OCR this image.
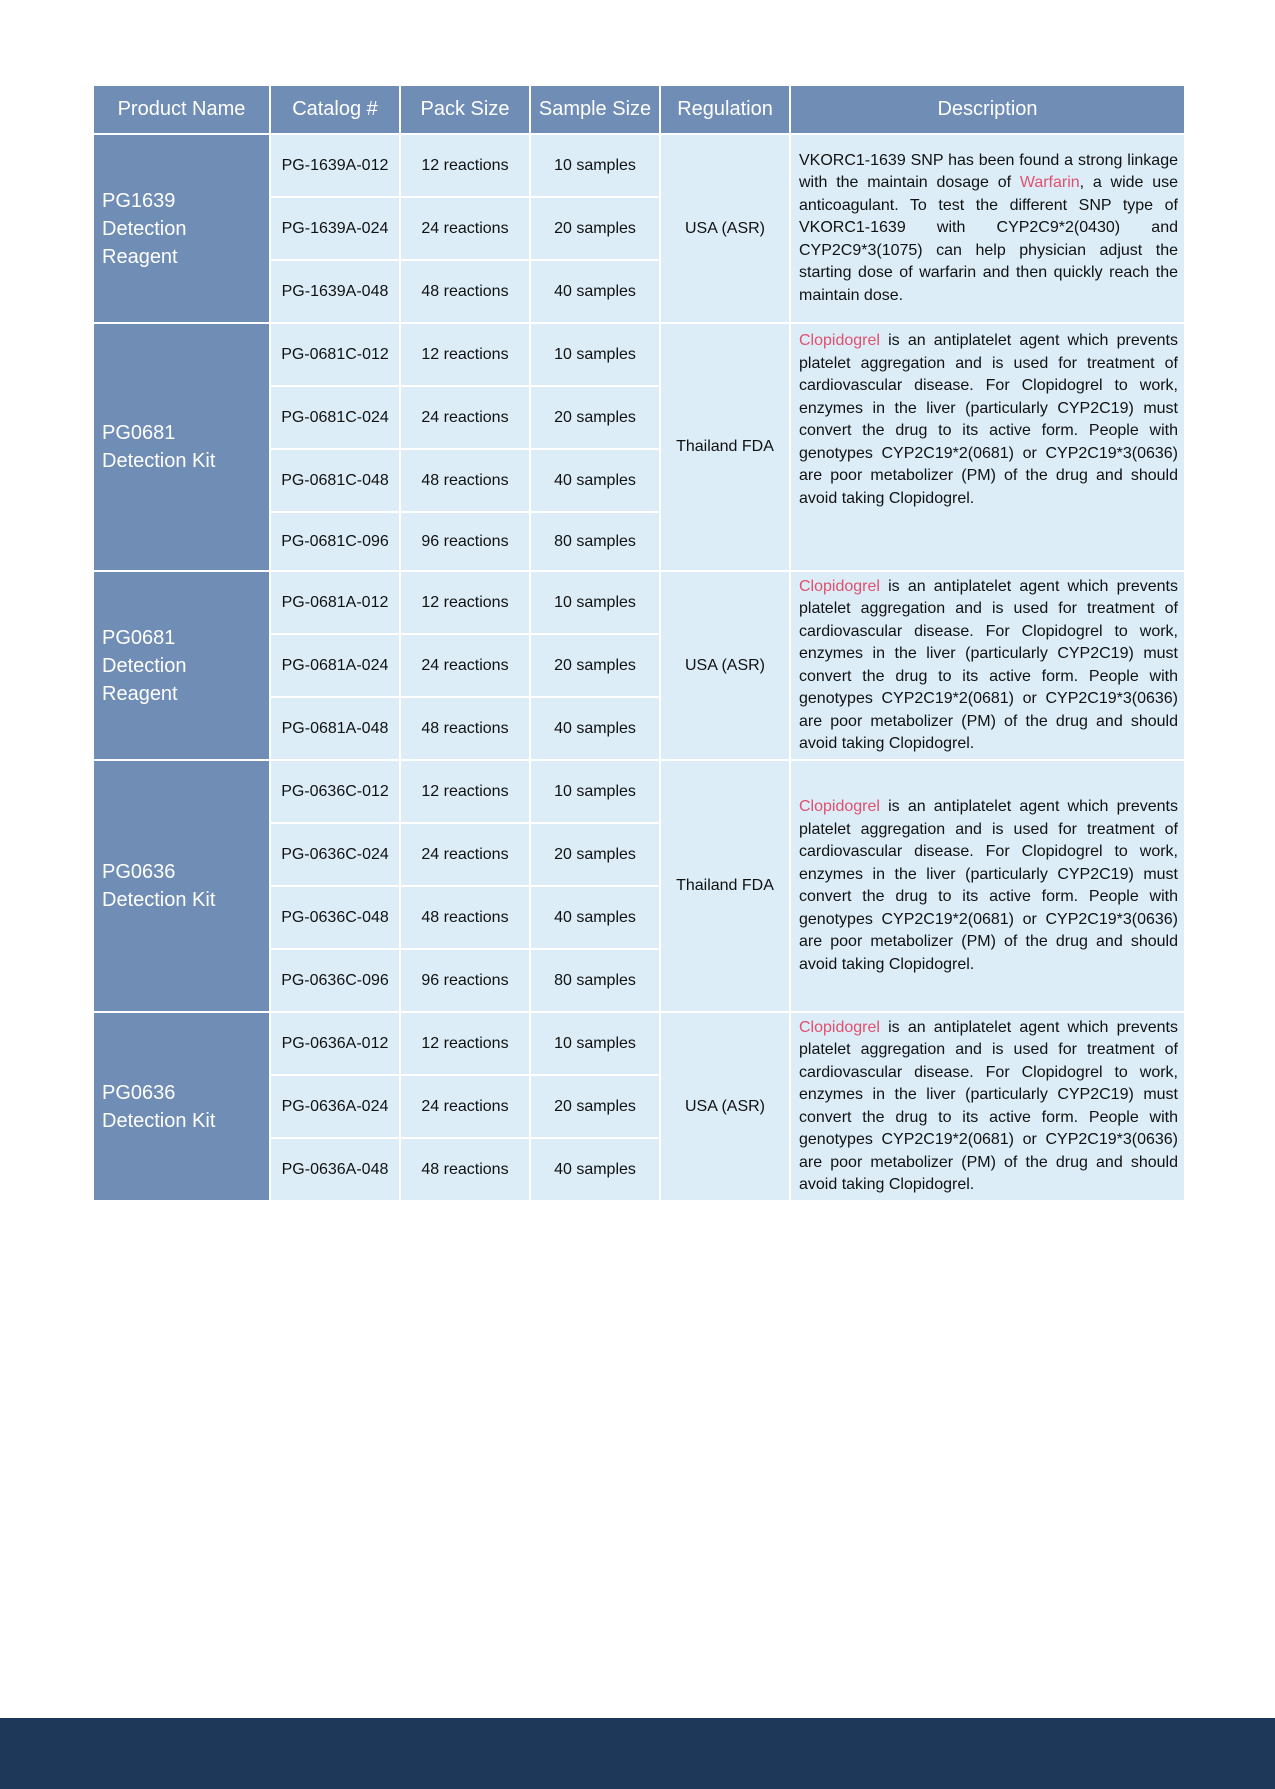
Product Name	Catalog #	Pack Size	Sample Size	Regulation	Description

PG1639
Detection Reagent	PG-1639A-012	12 reactions	10 samples	USA (ASR)	VKORC1-1639 SNP has been found a strong linkage with the maintain dosage of Warfarin, a wide use anticoagulant. To test the different SNP type of VKORC1-1639 with CYP2C9*2(0430) and CYP2C9*3(1075) can help physician adjust the starting dose of warfarin and then quickly reach the maintain dose.
	PG-1639A-024	24 reactions	20 samples		
	PG-1639A-048	48 reactions	40 samples		

PG0681
Detection Kit	PG-0681C-012	12 reactions	10 samples	Thailand FDA	Clopidogrel is an antiplatelet agent which prevents platelet aggregation and is used for treatment of cardiovascular disease. For Clopidogrel to work, enzymes in the liver (particularly CYP2C19) must convert the drug to its active form. People with genotypes CYP2C19*2(0681) or CYP2C19*3(0636) are poor metabolizer (PM) of the drug and should avoid taking Clopidogrel.
	PG-0681C-024	24 reactions	20 samples		
	PG-0681C-048	48 reactions	40 samples		
	PG-0681C-096	96 reactions	80 samples		

PG0681
Detection Reagent	PG-0681A-012	12 reactions	10 samples	USA (ASR)	Clopidogrel is an antiplatelet agent which prevents platelet aggregation and is used for treatment of cardiovascular disease. For Clopidogrel to work, enzymes in the liver (particularly CYP2C19) must convert the drug to its active form. People with genotypes CYP2C19*2(0681) or CYP2C19*3(0636) are poor metabolizer (PM) of the drug and should avoid taking Clopidogrel.
	PG-0681A-024	24 reactions	20 samples		
	PG-0681A-048	48 reactions	40 samples		

PG0636
Detection Kit	PG-0636C-012	12 reactions	10 samples	Thailand FDA	Clopidogrel is an antiplatelet agent which prevents platelet aggregation and is used for treatment of cardiovascular disease. For Clopidogrel to work, enzymes in the liver (particularly CYP2C19) must convert the drug to its active form. People with genotypes CYP2C19*2(0681) or CYP2C19*3(0636) are poor metabolizer (PM) of the drug and should avoid taking Clopidogrel.
	PG-0636C-024	24 reactions	20 samples		
	PG-0636C-048	48 reactions	40 samples		
	PG-0636C-096	96 reactions	80 samples		

PG0636
Detection Kit	PG-0636A-012	12 reactions	10 samples	USA (ASR)	Clopidogrel is an antiplatelet agent which prevents platelet aggregation and is used for treatment of cardiovascular disease. For Clopidogrel to work, enzymes in the liver (particularly CYP2C19) must convert the drug to its active form. People with genotypes CYP2C19*2(0681) or CYP2C19*3(0636) are poor metabolizer (PM) of the drug and should avoid taking Clopidogrel.
	PG-0636A-024	24 reactions	20 samples		
	PG-0636A-048	48 reactions	40 samples		
